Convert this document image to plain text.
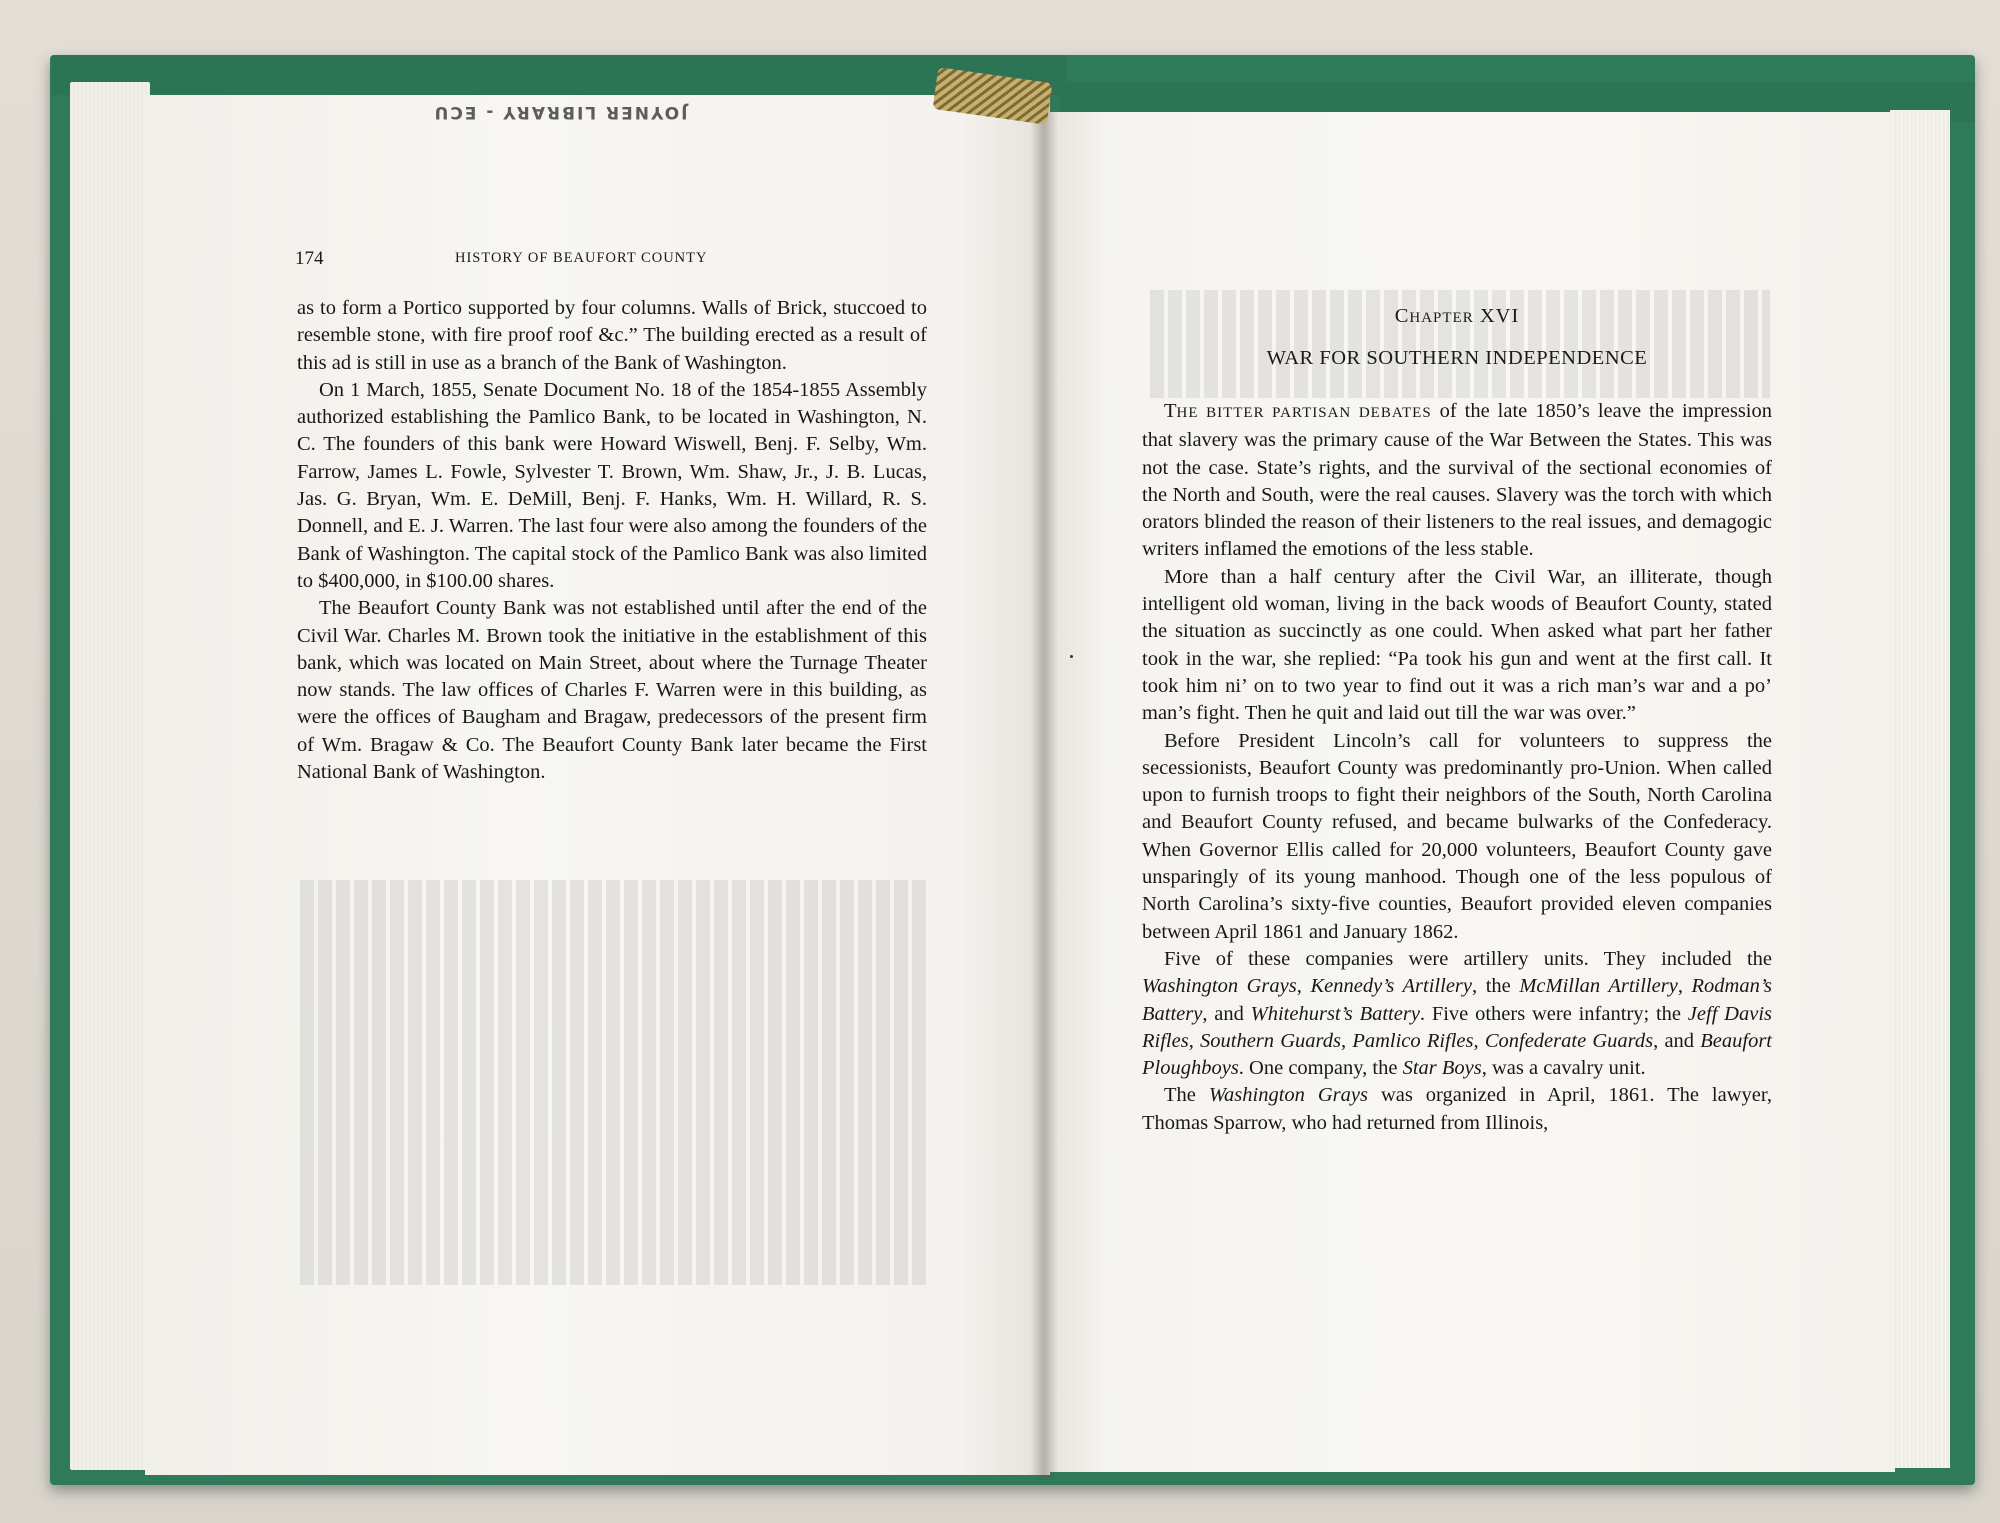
JOYNER LIBRARY - ECU
174	HISTORY OF BEAUFORT COUNTY

as to form a Portico supported by four columns. Walls of Brick, stuccoed to resemble stone, with fire proof roof &c.” The building erected as a result of this ad is still in use as a branch of the Bank of Washington.

On 1 March, 1855, Senate Document No. 18 of the 1854-1855 Assembly authorized establishing the Pamlico Bank, to be located in Washington, N. C. The founders of this bank were Howard Wiswell, Benj. F. Selby, Wm. Farrow, James L. Fowle, Sylvester T. Brown, Wm. Shaw, Jr., J. B. Lucas, Jas. G. Bryan, Wm. E. DeMill, Benj. F. Hanks, Wm. H. Willard, R. S. Donnell, and E. J. Warren. The last four were also among the founders of the Bank of Washington. The capital stock of the Pamlico Bank was also limited to $400,000, in $100.00 shares.

The Beaufort County Bank was not established until after the end of the Civil War. Charles M. Brown took the initiative in the establishment of this bank, which was located on Main Street, about where the Turnage Theater now stands. The law offices of Charles F. Warren were in this building, as were the offices of Baugham and Bragaw, predecessors of the present firm of Wm. Bragaw & Co. The Beaufort County Bank later became the First National Bank of Washington.

CHAPTER XVI
WAR FOR SOUTHERN INDEPENDENCE

THE BITTER PARTISAN DEBATES of the late 1850’s leave the impression that slavery was the primary cause of the War Between the States. This was not the case. State’s rights, and the survival of the sectional economies of the North and South, were the real causes. Slavery was the torch with which orators blinded the reason of their listeners to the real issues, and demagogic writers inflamed the emotions of the less stable.

More than a half century after the Civil War, an illiterate, though intelligent old woman, living in the back woods of Beaufort County, stated the situation as succinctly as one could. When asked what part her father took in the war, she replied: “Pa took his gun and went at the first call. It took him ni’ on to two year to find out it was a rich man’s war and a po’ man’s fight. Then he quit and laid out till the war was over.”

Before President Lincoln’s call for volunteers to suppress the secessionists, Beaufort County was predominantly pro-Union. When called upon to furnish troops to fight their neighbors of the South, North Carolina and Beaufort County refused, and became bulwarks of the Confederacy. When Governor Ellis called for 20,000 volunteers, Beaufort County gave unsparingly of its young manhood. Though one of the less populous of North Carolina’s sixty-five counties, Beaufort provided eleven companies between April 1861 and January 1862.

Five of these companies were artillery units. They included the Washington Grays, Kennedy’s Artillery, the McMillan Artillery, Rodman’s Battery, and Whitehurst’s Battery. Five others were infantry; the Jeff Davis Rifles, Southern Guards, Pamlico Rifles, Confederate Guards, and Beaufort Ploughboys. One company, the Star Boys, was a cavalry unit.

The Washington Grays was organized in April, 1861. The lawyer, Thomas Sparrow, who had returned from Illinois,
